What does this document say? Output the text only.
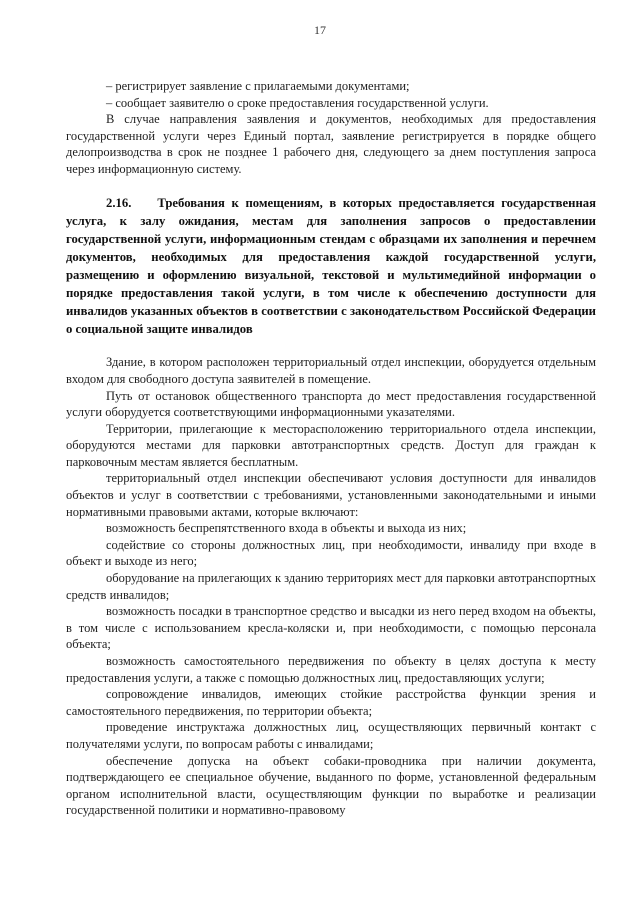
17

– регистрирует заявление с прилагаемыми документами;

– сообщает заявителю о сроке предоставления государственной услуги.

В случае направления заявления и документов, необходимых для предоставления государственной услуги через Единый портал, заявление регистрируется в порядке общего делопроизводства в срок не позднее 1 рабочего дня, следующего за днем поступления запроса через информационную систему.

2.16. Требования к помещениям, в которых предоставляется государственная услуга, к залу ожидания, местам для заполнения запросов о предоставлении государственной услуги, информационным стендам с образцами их заполнения и перечнем документов, необходимых для предоставления каждой государственной услуги, размещению и оформлению визуальной, текстовой и мультимедийной информации о порядке предоставления такой услуги, в том числе к обеспечению доступности для инвалидов указанных объектов в соответствии с законодательством Российской Федерации о социальной защите инвалидов

Здание, в котором расположен территориальный отдел инспекции, оборудуется отдельным входом для свободного доступа заявителей в помещение.

Путь от остановок общественного транспорта до мест предоставления государственной услуги оборудуется соответствующими информационными указателями.

Территории, прилегающие к месторасположению территориального отдела инспекции, оборудуются местами для парковки автотранспортных средств. Доступ для граждан к парковочным местам является бесплатным.

территориальный отдел инспекции обеспечивают условия доступности для инвалидов объектов и услуг в соответствии с требованиями, установленными законодательными и иными нормативными правовыми актами, которые включают:

возможность беспрепятственного входа в объекты и выхода из них;

содействие со стороны должностных лиц, при необходимости, инвалиду при входе в объект и выходе из него;

оборудование на прилегающих к зданию территориях мест для парковки автотранспортных средств инвалидов;

возможность посадки в транспортное средство и высадки из него перед входом на объекты, в том числе с использованием кресла-коляски и, при необходимости, с помощью персонала объекта;

возможность самостоятельного передвижения по объекту в целях доступа к месту предоставления услуги, а также с помощью должностных лиц, предоставляющих услуги;

сопровождение инвалидов, имеющих стойкие расстройства функции зрения и самостоятельного передвижения, по территории объекта;

проведение инструктажа должностных лиц, осуществляющих первичный контакт с получателями услуги, по вопросам работы с инвалидами;

обеспечение допуска на объект собаки-проводника при наличии документа, подтверждающего ее специальное обучение, выданного по форме, установленной федеральным органом исполнительной власти, осуществляющим функции по выработке и реализации государственной политики и нормативно-правовому
